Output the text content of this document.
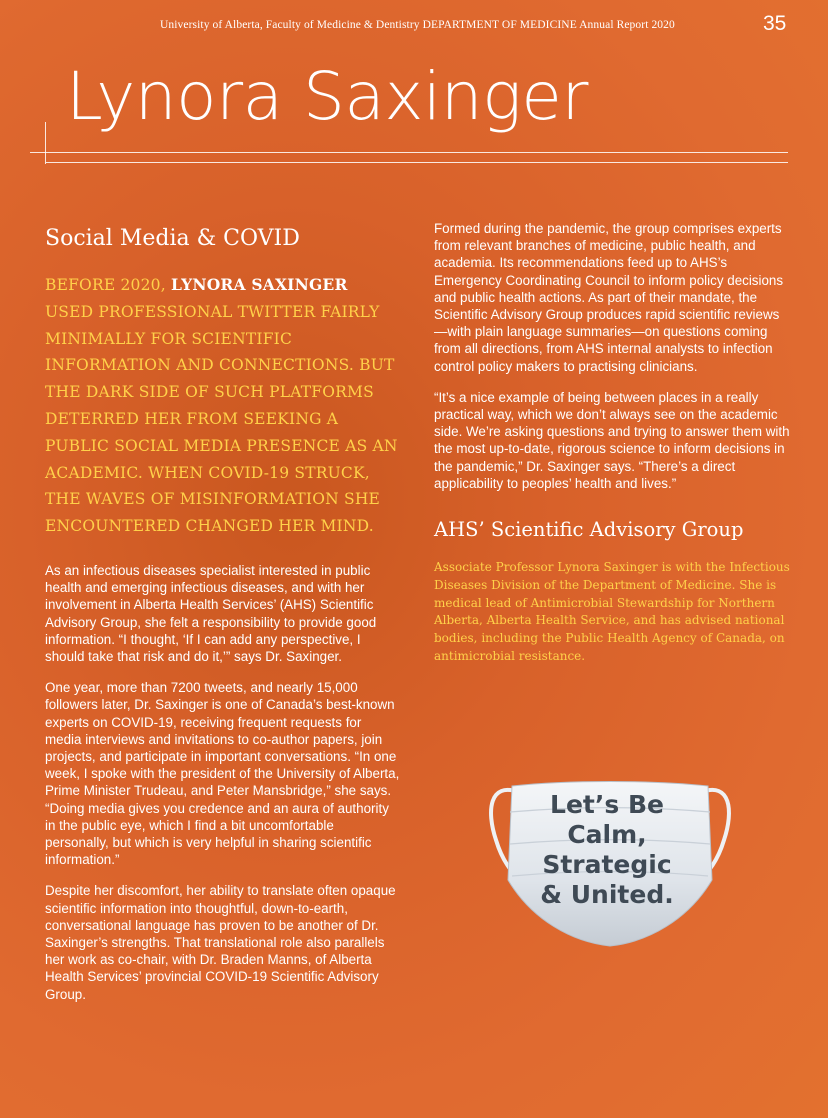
University of Alberta, Faculty of Medicine & Dentistry DEPARTMENT OF MEDICINE Annual Report 2020	35
Lynora Saxinger
Social Media & COVID

BEFORE 2020, LYNORA SAXINGER USED PROFESSIONAL TWITTER FAIRLY MINIMALLY FOR SCIENTIFIC INFORMATION AND CONNECTIONS. BUT THE DARK SIDE OF SUCH PLATFORMS DETERRED HER FROM SEEKING A PUBLIC SOCIAL MEDIA PRESENCE AS AN ACADEMIC. WHEN COVID-19 STRUCK, THE WAVES OF MISINFORMATION SHE ENCOUNTERED CHANGED HER MIND.

As an infectious diseases specialist interested in public health and emerging infectious diseases, and with her involvement in Alberta Health Services’ (AHS) Scientific Advisory Group, she felt a responsibility to provide good information. “I thought, ‘If I can add any perspective, I should take that risk and do it,’” says Dr. Saxinger.

One year, more than 7200 tweets, and nearly 15,000 followers later, Dr. Saxinger is one of Canada’s best-known experts on COVID-19, receiving frequent requests for media interviews and invitations to co-author papers, join projects, and participate in important conversations. “In one week, I spoke with the president of the University of Alberta, Prime Minister Trudeau, and Peter Mansbridge,” she says. “Doing media gives you credence and an aura of authority in the public eye, which I find a bit uncomfortable personally, but which is very helpful in sharing scientific information.”

Despite her discomfort, her ability to translate often opaque scientific information into thoughtful, down-to-earth, conversational language has proven to be another of Dr. Saxinger’s strengths. That translational role also parallels her work as co-chair, with Dr. Braden Manns, of Alberta Health Services’ provincial COVID-19 Scientific Advisory Group.

Formed during the pandemic, the group comprises experts from relevant branches of medicine, public health, and academia. Its recommendations feed up to AHS’s Emergency Coordinating Council to inform policy decisions and public health actions. As part of their mandate, the Scientific Advisory Group produces rapid scientific reviews—with plain language summaries—on questions coming from all directions, from AHS internal analysts to infection control policy makers to practising clinicians.

“It’s a nice example of being between places in a really practical way, which we don’t always see on the academic side. We’re asking questions and trying to answer them with the most up-to-date, rigorous science to inform decisions in the pandemic,” Dr. Saxinger says. “There’s a direct applicability to peoples’ health and lives.”

AHS’ Scientific Advisory Group

Associate Professor Lynora Saxinger is with the Infectious Diseases Division of the Department of Medicine. She is medical lead of Antimicrobial Stewardship for Northern Alberta, Alberta Health Service, and has advised national bodies, including the Public Health Agency of Canada, on antimicrobial resistance.

Let’s Be
Calm,
Strategic
& United.
